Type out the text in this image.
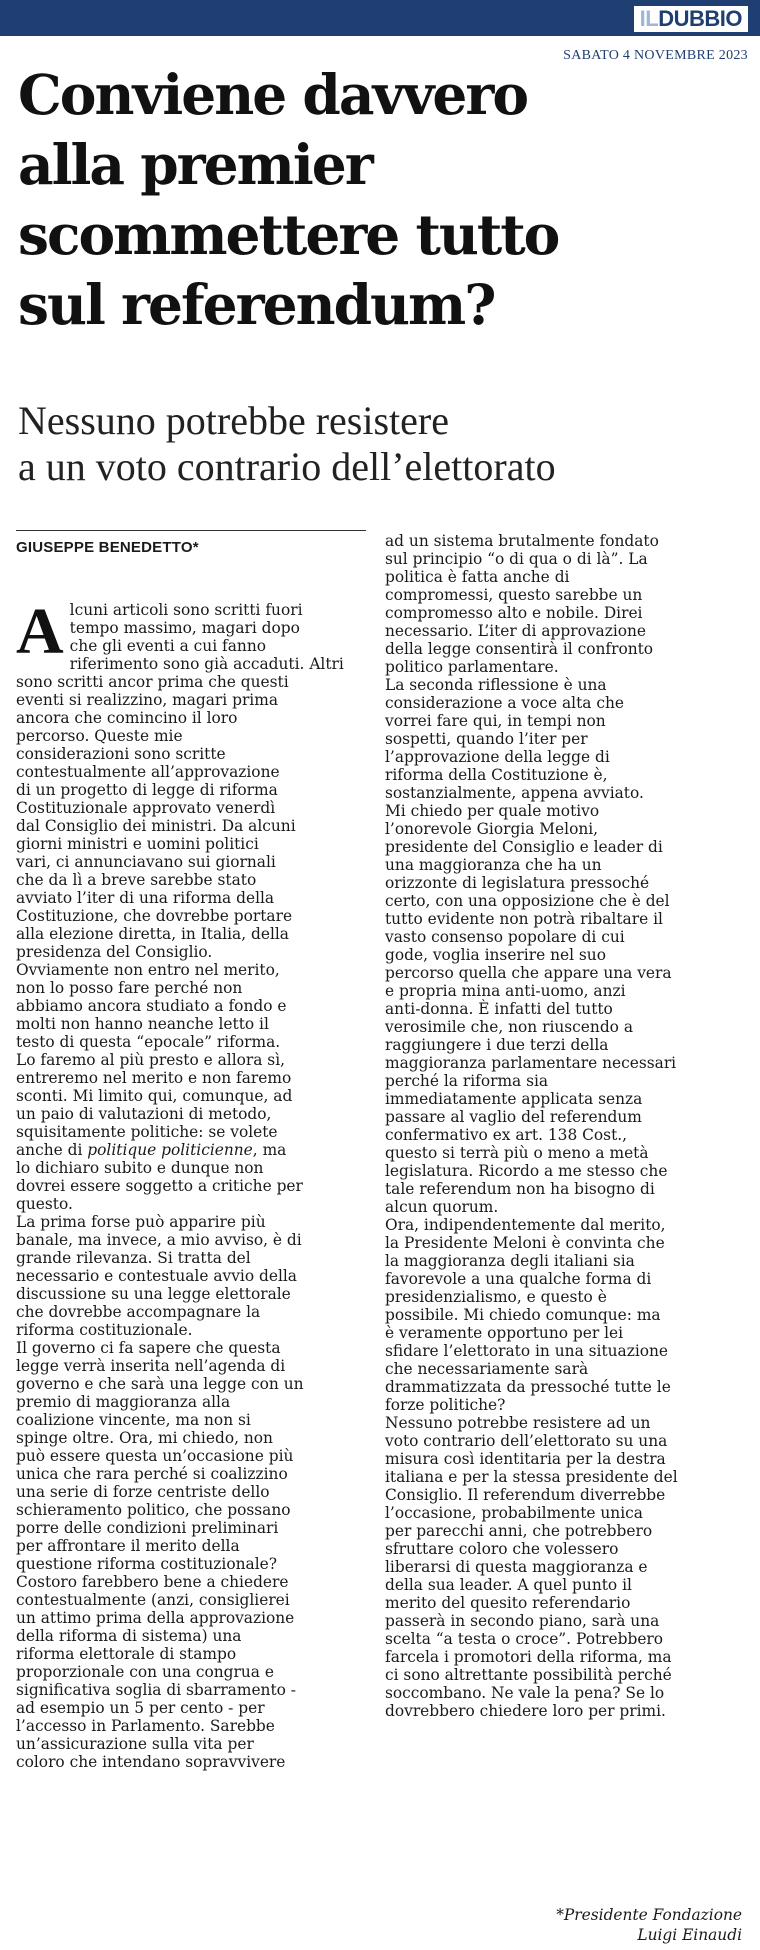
ILDUBBIO
SABATO 4 NOVEMBRE 2023
Conviene davvero
alla premier
scommettere tutto
sul referendum?
Nessuno potrebbe resistere
a un voto contrario dell’elettorato
GIUSEPPE BENEDETTO*
A lcuni articoli sono scritti fuori

tempo massimo, magari dopo

che gli eventi a cui fanno

riferimento sono già accaduti. Altri

sono scritti ancor prima che questi

eventi si realizzino, magari prima

ancora che comincino il loro

percorso. Queste mie

considerazioni sono scritte

contestualmente all’approvazione

di un progetto di legge di riforma

Costituzionale approvato venerdì

dal Consiglio dei ministri. Da alcuni

giorni ministri e uomini politici

vari, ci annunciavano sui giornali

che da lì a breve sarebbe stato

avviato l’iter di una riforma della

Costituzione, che dovrebbe portare

alla elezione diretta, in Italia, della

presidenza del Consiglio.

Ovviamente non entro nel merito,

non lo posso fare perché non

abbiamo ancora studiato a fondo e

molti non hanno neanche letto il

testo di questa “epocale” riforma.

Lo faremo al più presto e allora sì,

entreremo nel merito e non faremo

sconti. Mi limito qui, comunque, ad

un paio di valutazioni di metodo,

squisitamente politiche: se volete

anche di politique politicienne, ma

lo dichiaro subito e dunque non

dovrei essere soggetto a critiche per

questo.

La prima forse può apparire più

banale, ma invece, a mio avviso, è di

grande rilevanza. Si tratta del

necessario e contestuale avvio della

discussione su una legge elettorale

che dovrebbe accompagnare la

riforma costituzionale.

Il governo ci fa sapere che questa

legge verrà inserita nell’agenda di

governo e che sarà una legge con un

premio di maggioranza alla

coalizione vincente, ma non si

spinge oltre. Ora, mi chiedo, non

può essere questa un’occasione più

unica che rara perché si coalizzino

una serie di forze centriste dello

schieramento politico, che possano

porre delle condizioni preliminari

per affrontare il merito della

questione riforma costituzionale?

Costoro farebbero bene a chiedere

contestualmente (anzi, consiglierei

un attimo prima della approvazione

della riforma di sistema) una

riforma elettorale di stampo

proporzionale con una congrua e

significativa soglia di sbarramento -

ad esempio un 5 per cento - per

l’accesso in Parlamento. Sarebbe

un’assicurazione sulla vita per

coloro che intendano sopravvivere

ad un sistema brutalmente fondato

sul principio “o di qua o di là”. La

politica è fatta anche di

compromessi, questo sarebbe un

compromesso alto e nobile. Direi

necessario. L’iter di approvazione

della legge consentirà il confronto

politico parlamentare.

La seconda riflessione è una

considerazione a voce alta che

vorrei fare qui, in tempi non

sospetti, quando l’iter per

l’approvazione della legge di

riforma della Costituzione è,

sostanzialmente, appena avviato.

Mi chiedo per quale motivo

l’onorevole Giorgia Meloni,

presidente del Consiglio e leader di

una maggioranza che ha un

orizzonte di legislatura pressoché

certo, con una opposizione che è del

tutto evidente non potrà ribaltare il

vasto consenso popolare di cui

gode, voglia inserire nel suo

percorso quella che appare una vera

e propria mina anti-uomo, anzi

anti-donna. È infatti del tutto

verosimile che, non riuscendo a

raggiungere i due terzi della

maggioranza parlamentare necessari

perché la riforma sia

immediatamente applicata senza

passare al vaglio del referendum

confermativo ex art. 138 Cost.,

questo si terrà più o meno a metà

legislatura. Ricordo a me stesso che

tale referendum non ha bisogno di

alcun quorum.

Ora, indipendentemente dal merito,

la Presidente Meloni è convinta che

la maggioranza degli italiani sia

favorevole a una qualche forma di

presidenzialismo, e questo è

possibile. Mi chiedo comunque: ma

è veramente opportuno per lei

sfidare l’elettorato in una situazione

che necessariamente sarà

drammatizzata da pressoché tutte le

forze politiche?

Nessuno potrebbe resistere ad un

voto contrario dell’elettorato su una

misura così identitaria per la destra

italiana e per la stessa presidente del

Consiglio. Il referendum diverrebbe

l’occasione, probabilmente unica

per parecchi anni, che potrebbero

sfruttare coloro che volessero

liberarsi di questa maggioranza e

della sua leader. A quel punto il

merito del quesito referendario

passerà in secondo piano, sarà una

scelta “a testa o croce”. Potrebbero

farcela i promotori della riforma, ma

ci sono altrettante possibilità perché

soccombano. Ne vale la pena? Se lo

dovrebbero chiedere loro per primi.

*Presidente Fondazione
Luigi Einaudi
